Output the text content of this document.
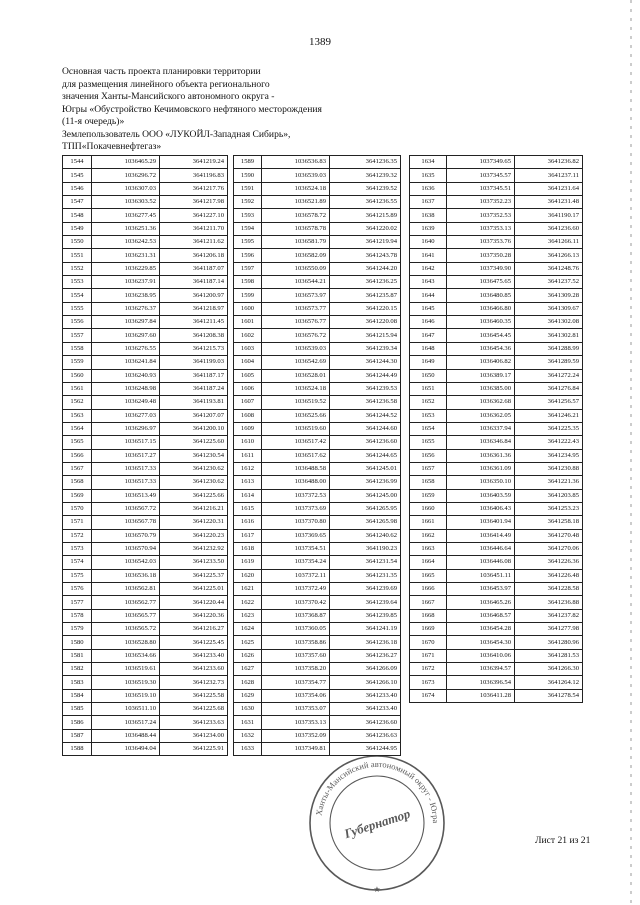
1389
Основная часть проекта планировки территории
для размещения линейного объекта регионального
значения Ханты-Мансийского автономного округа -
Югры «Обустройство Кечимовского нефтяного месторождения
(11-я очередь)»
Землепользователь ООО «ЛУКОЙЛ-Западная Сибирь»,
ТПП«Покачевнефтегаз»
1544	1036465.29	3641219.24
1545	1036296.72	3641196.83
1546	1036307.03	3641217.76
1547	1036303.52	3641217.98
1548	1036277.45	3641227.10
1549	1036251.36	3641211.70
1550	1036242.53	3641211.62
1551	1036231.31	3641206.18
1552	1036229.85	3641187.07
1553	1036237.91	3641187.14
1554	1036238.95	3641200.97
1555	1036276.37	3641218.97
1556	1036297.84	3641211.45
1557	1036297.60	3641208.38
1558	1036276.55	3641215.73
1559	1036241.84	3641199.03
1560	1036240.93	3641187.17
1561	1036248.98	3641187.24
1562	1036249.48	3641193.81
1563	1036277.03	3641207.07
1564	1036296.97	3641200.10
1565	1036517.15	3641225.60
1566	1036517.27	3641230.54
1567	1036517.33	3641230.62
1568	1036517.33	3641230.62
1569	1036513.49	3641225.66
1570	1036567.72	3641216.21
1571	1036567.78	3641220.31
1572	1036570.79	3641220.23
1573	1036570.94	3641232.92
1574	1036542.03	3641233.50
1575	1036536.18	3641225.37
1576	1036562.81	3641225.01
1577	1036562.77	3641220.44
1578	1036565.77	3641220.36
1579	1036565.72	3641216.27
1580	1036528.80	3641225.45
1581	1036534.66	3641233.40
1582	1036519.61	3641233.60
1583	1036519.30	3641232.73
1584	1036519.10	3641225.58
1585	1036511.10	3641225.68
1586	1036517.24	3641233.63
1587	1036488.44	3641234.00
1588	1036494.04	3641225.91
1589	1036536.83	3641236.35
1590	1036539.03	3641239.32
1591	1036524.18	3641239.52
1592	1036521.89	3641236.55
1593	1036578.72	3641215.89
1594	1036578.78	3641220.02
1595	1036581.79	3641219.94
1596	1036582.09	3641243.78
1597	1036550.09	3641244.20
1598	1036544.21	3641236.25
1599	1036573.97	3641235.87
1600	1036573.77	3641220.15
1601	1036576.77	3641220.08
1602	1036576.72	3641215.94
1603	1036539.03	3641239.34
1604	1036542.69	3641244.30
1605	1036528.01	3641244.49
1606	1036524.18	3641239.53
1607	1036519.52	3641236.58
1608	1036525.66	3641244.52
1609	1036519.60	3641244.60
1610	1036517.42	3641236.60
1611	1036517.62	3641244.65
1612	1036488.58	3641245.01
1613	1036488.00	3641236.99
1614	1037372.53	3641245.00
1615	1037373.69	3641265.95
1616	1037370.80	3641265.98
1617	1037369.65	3641240.62
1618	1037354.51	3641190.23
1619	1037354.24	3641231.54
1620	1037372.11	3641231.35
1621	1037372.49	3641239.69
1622	1037370.42	3641239.64
1623	1037368.87	3641239.85
1624	1037360.05	3641241.19
1625	1037358.86	3641236.18
1626	1037357.60	3641236.27
1627	1037358.20	3641266.09
1628	1037354.77	3641266.10
1629	1037354.06	3641233.40
1630	1037353.07	3641233.40
1631	1037353.13	3641236.60
1632	1037352.09	3641236.63
1633	1037349.81	3641244.95
1634	1037349.65	3641236.82
1635	1037345.57	3641237.11
1636	1037345.51	3641231.64
1637	1037352.23	3641231.48
1638	1037352.53	3641190.17
1639	1037353.13	3641236.60
1640	1037353.76	3641266.11
1641	1037350.28	3641266.13
1642	1037349.90	3641248.76
1643	1036475.65	3641237.52
1644	1036480.85	3641309.28
1645	1036466.80	3641309.67
1646	1036460.35	3641302.08
1647	1036454.45	3641302.81
1648	1036454.36	3641288.99
1649	1036406.82	3641289.59
1650	1036389.17	3641272.24
1651	1036385.00	3641276.84
1652	1036362.68	3641256.57
1653	1036362.05	3641246.21
1654	1036337.94	3641225.35
1655	1036346.84	3641222.43
1656	1036361.36	3641234.95
1657	1036361.09	3641230.88
1658	1036350.10	3641221.36
1659	1036403.59	3641203.85
1660	1036406.43	3641253.23
1661	1036401.94	3641258.18
1662	1036414.49	3641270.48
1663	1036446.64	3641270.06
1664	1036446.08	3641226.36
1665	1036451.11	3641226.48
1666	1036453.97	3641228.58
1667	1036465.26	3641236.88
1668	1036468.57	3641237.82
1669	1036454.28	3641277.98
1670	1036454.30	3641280.96
1671	1036410.06	3641281.53
1672	1036394.57	3641266.30
1673	1036396.54	3641264.12
1674	1036411.28	3641278.54
Ханты-Мансийский автономный округ - Югра
Губернатор
★
Лист 21 из 21
